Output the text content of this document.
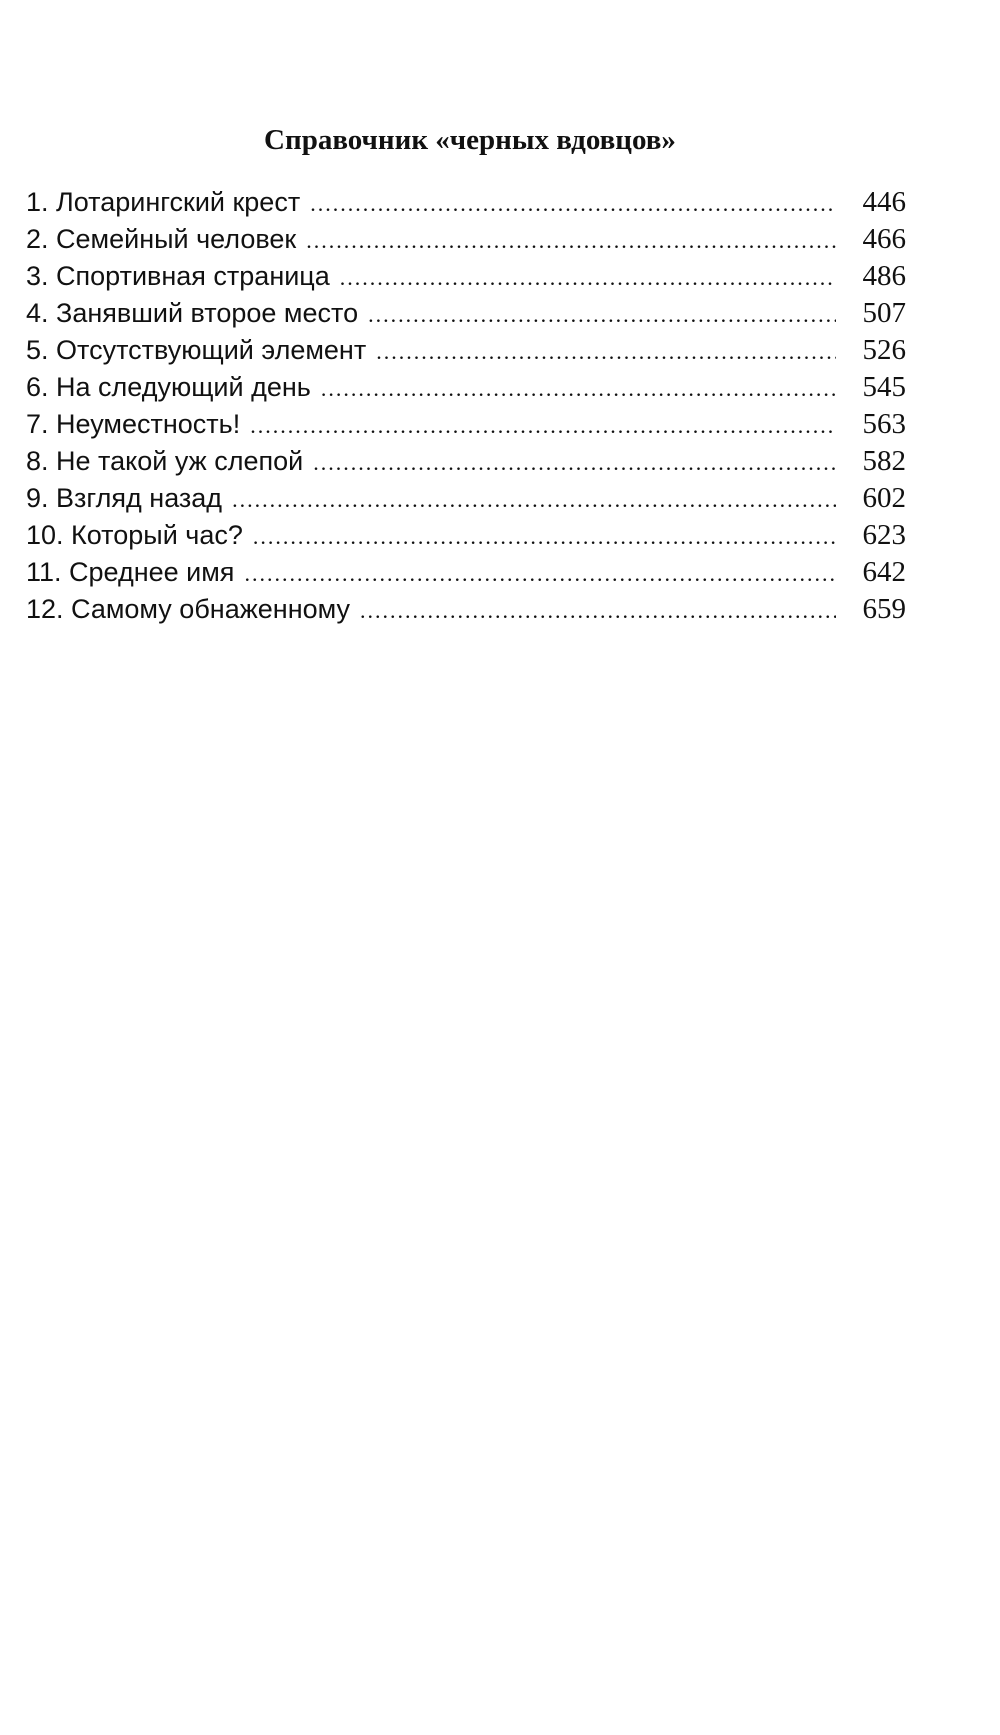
Справочник «черных вдовцов»
1. Лотарингский крест .....	446
2. Семейный человек .....	466
3. Спортивная страница .....	486
4. Занявший второе место .....	507
5. Отсутствующий элемент .....	526
6. На следующий день .....	545
7. Неуместность! .....	563
8. Не такой уж слепой .....	582
9. Взгляд назад .....	602
10. Который час? .....	623
11. Среднее имя .....	642
12. Самому обнаженному .....	659
